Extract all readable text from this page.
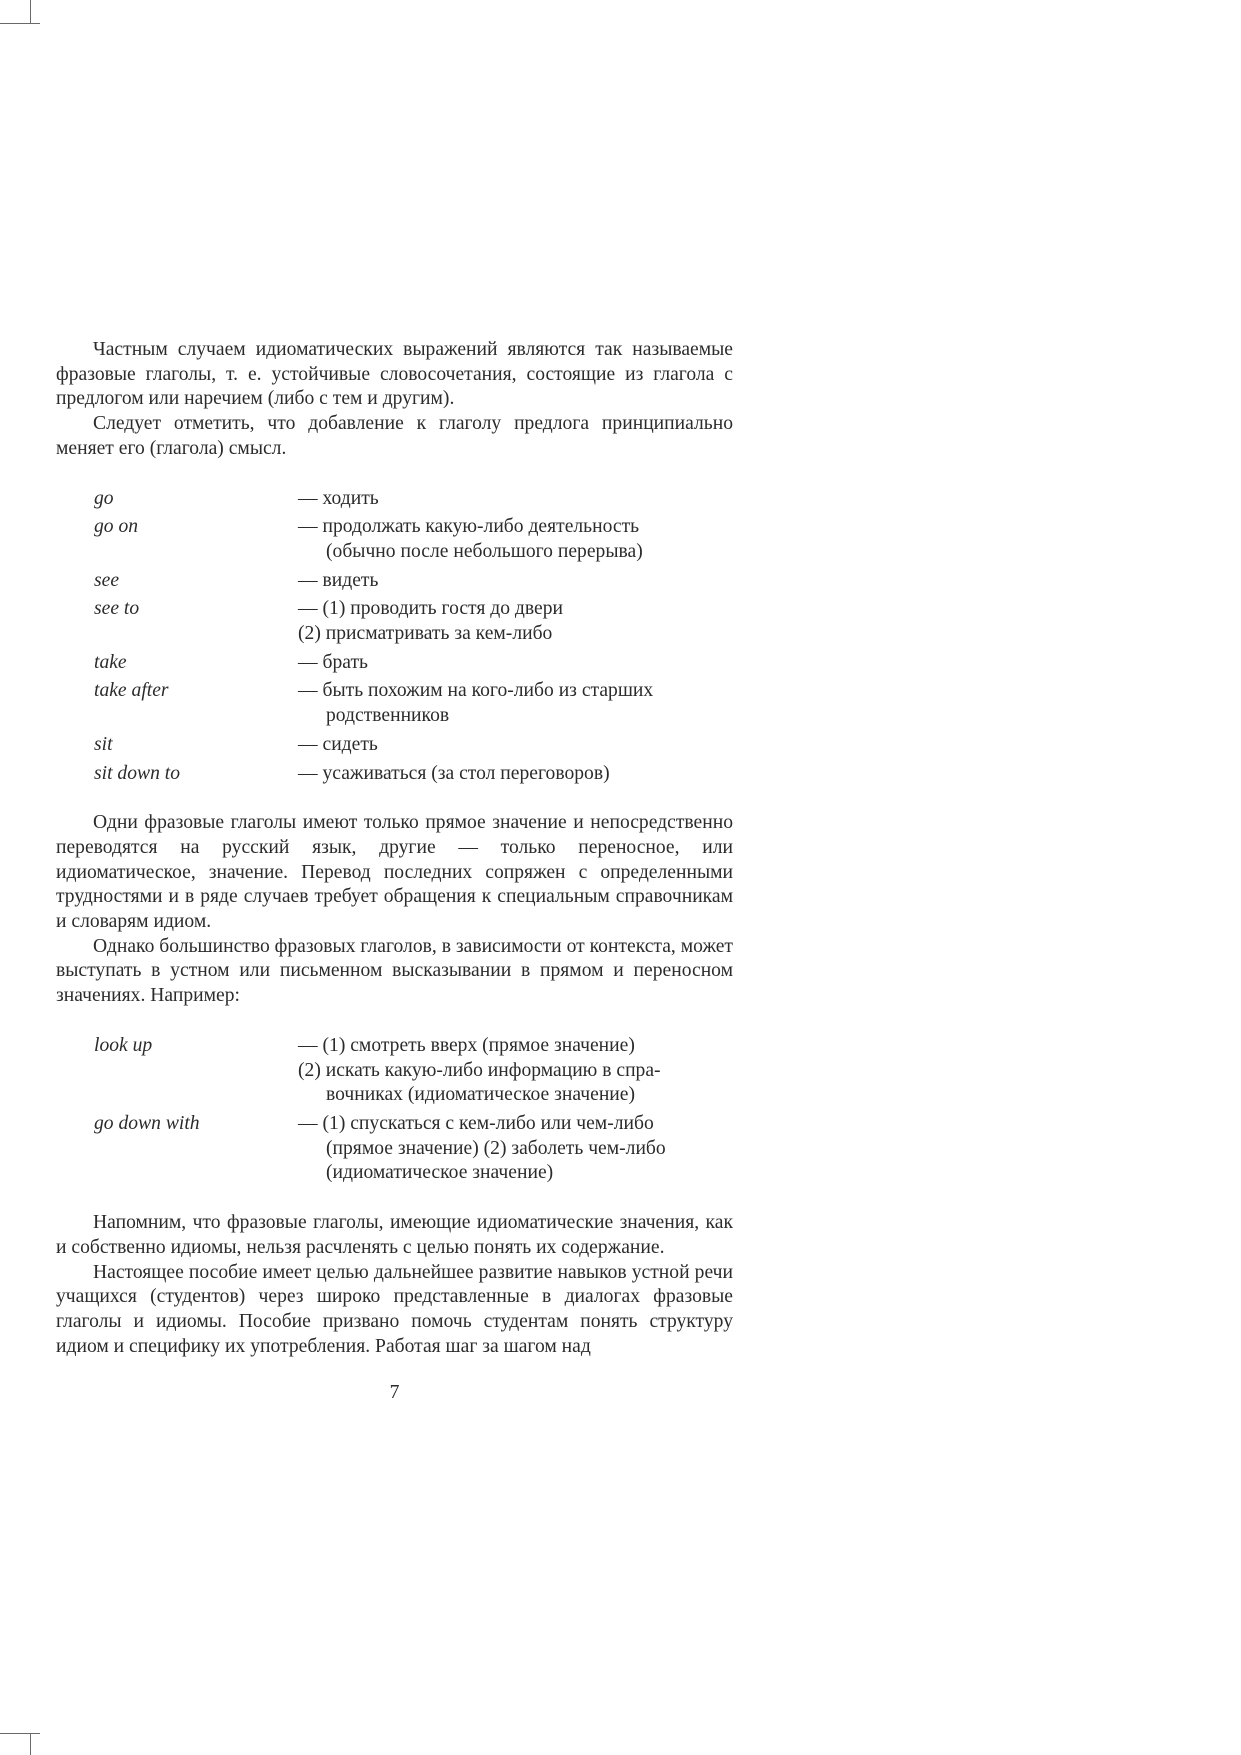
Частным случаем идиоматических выражений являются так называемые фразовые глаголы, т. е. устойчивые словосочетания, состоящие из глагола с предлогом или наречием (либо с тем и другим).

Следует отметить, что добавление к глаголу предлога принципиально меняет его (глагола) смысл.

go	— ходить
go on	— продолжать какую-либо деятельность
(обычно после небольшого перерыва)
see	— видеть
see to	— (1) проводить гостя до двери
(2) присматривать за кем-либо
take	— брать
take after	— быть похожим на кого-либо из старших
родственников
sit	— сидеть
sit down to	— усаживаться (за стол переговоров)

Одни фразовые глаголы имеют только прямое значение и непосредственно переводятся на русский язык, другие — только переносное, или идиоматическое, значение. Перевод последних сопряжен с определенными трудностями и в ряде случаев требует обращения к специальным справочникам и словарям идиом.

Однако большинство фразовых глаголов, в зависимости от контекста, может выступать в устном или письменном высказывании в прямом и переносном значениях. Например:

look up	— (1) смотреть вверх (прямое значение)
(2) искать какую-либо информацию в спра-
вочниках (идиоматическое значение)
go down with	— (1) спускаться с кем-либо или чем-либо
(прямое значение) (2) заболеть чем-либо
(идиоматическое значение)

Напомним, что фразовые глаголы, имеющие идиоматические значения, как и собственно идиомы, нельзя расчленять с целью понять их содержание.

Настоящее пособие имеет целью дальнейшее развитие навыков устной речи учащихся (студентов) через широко представленные в диалогах фразовые глаголы и идиомы. Пособие призвано помочь студентам понять структуру идиом и специфику их употребления. Работая шаг за шагом над

7
